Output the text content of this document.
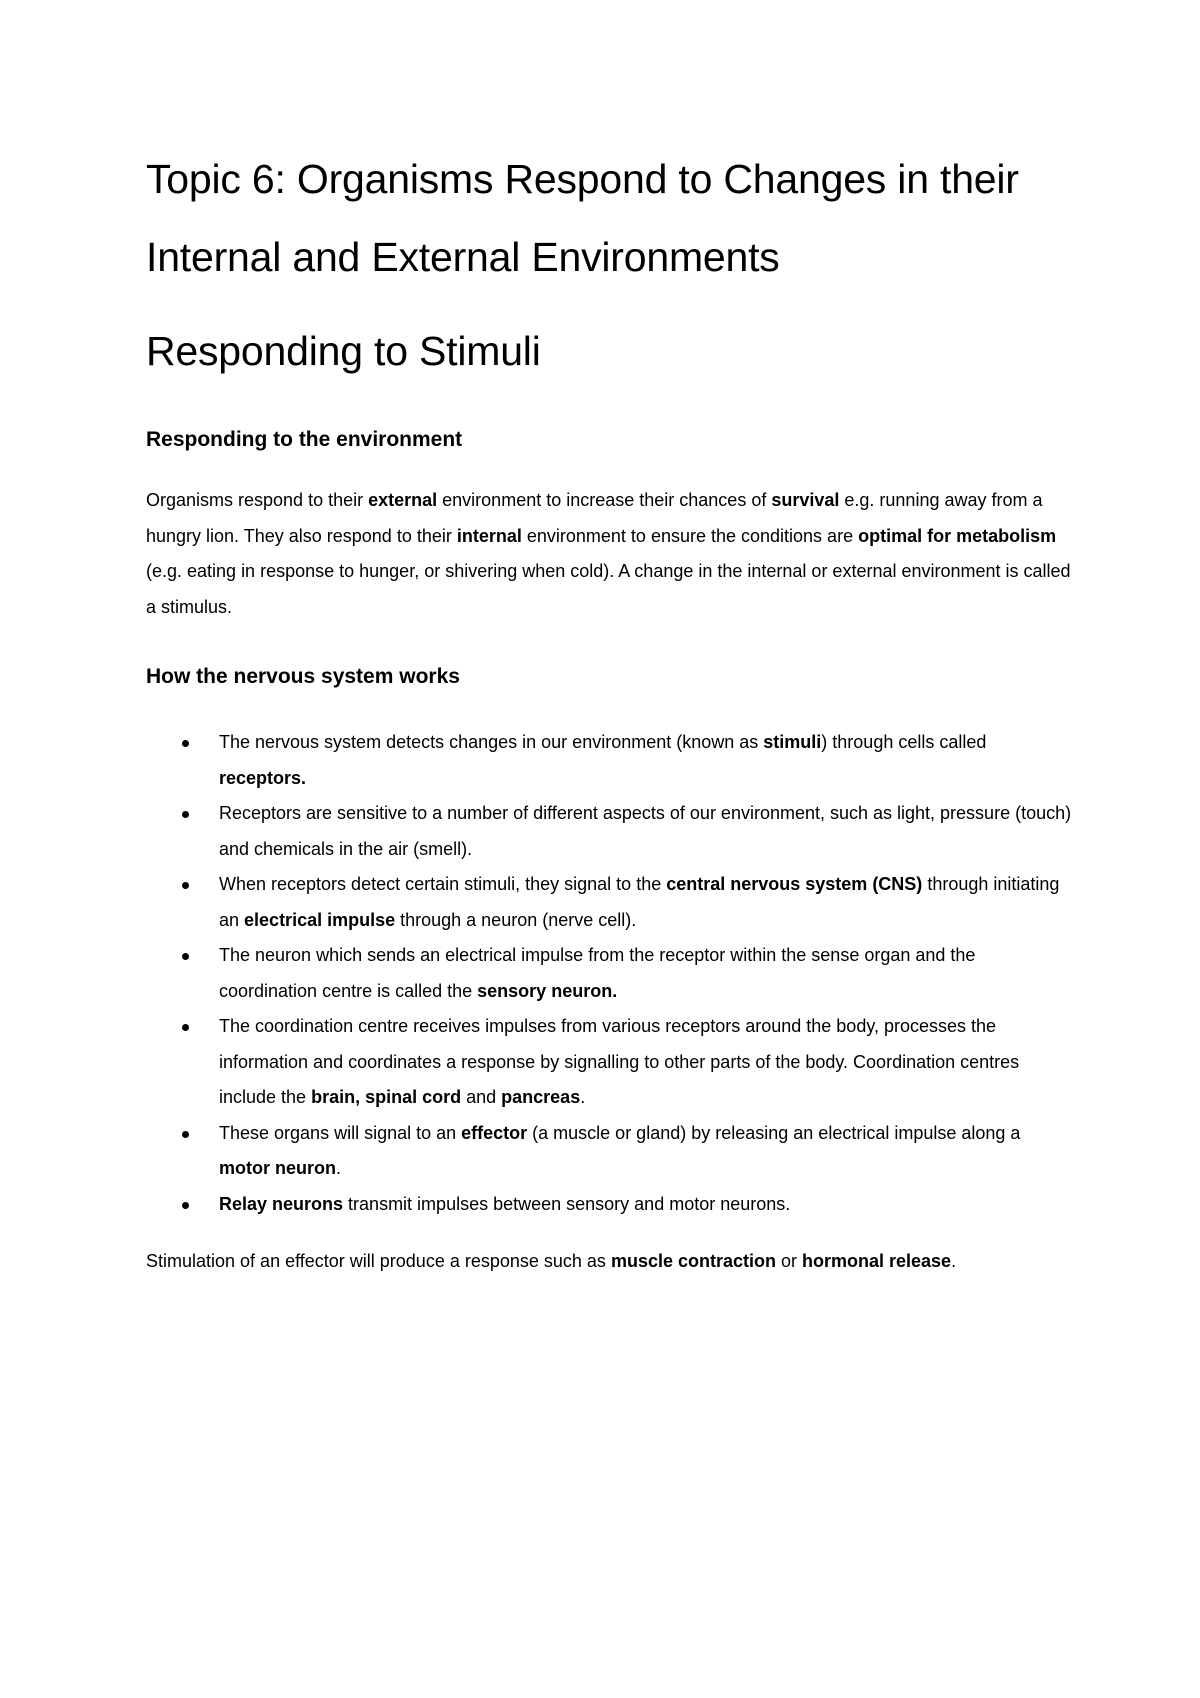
Topic 6: Organisms Respond to Changes in their Internal and External Environments
Responding to Stimuli
Responding to the environment

Organisms respond to their external environment to increase their chances of survival e.g. running away from a hungry lion. They also respond to their internal environment to ensure the conditions are optimal for metabolism (e.g. eating in response to hunger, or shivering when cold). A change in the internal or external environment is called a stimulus.

How the nervous system works
The nervous system detects changes in our environment (known as stimuli) through cells called receptors.
Receptors are sensitive to a number of different aspects of our environment, such as light, pressure (touch) and chemicals in the air (smell).
When receptors detect certain stimuli, they signal to the central nervous system (CNS) through initiating an electrical impulse through a neuron (nerve cell).
The neuron which sends an electrical impulse from the receptor within the sense organ and the coordination centre is called the sensory neuron.
The coordination centre receives impulses from various receptors around the body, processes the information and coordinates a response by signalling to other parts of the body. Coordination centres include the brain, spinal cord and pancreas.
These organs will signal to an effector (a muscle or gland) by releasing an electrical impulse along a motor neuron.
Relay neurons transmit impulses between sensory and motor neurons.

Stimulation of an effector will produce a response such as muscle contraction or hormonal release.
